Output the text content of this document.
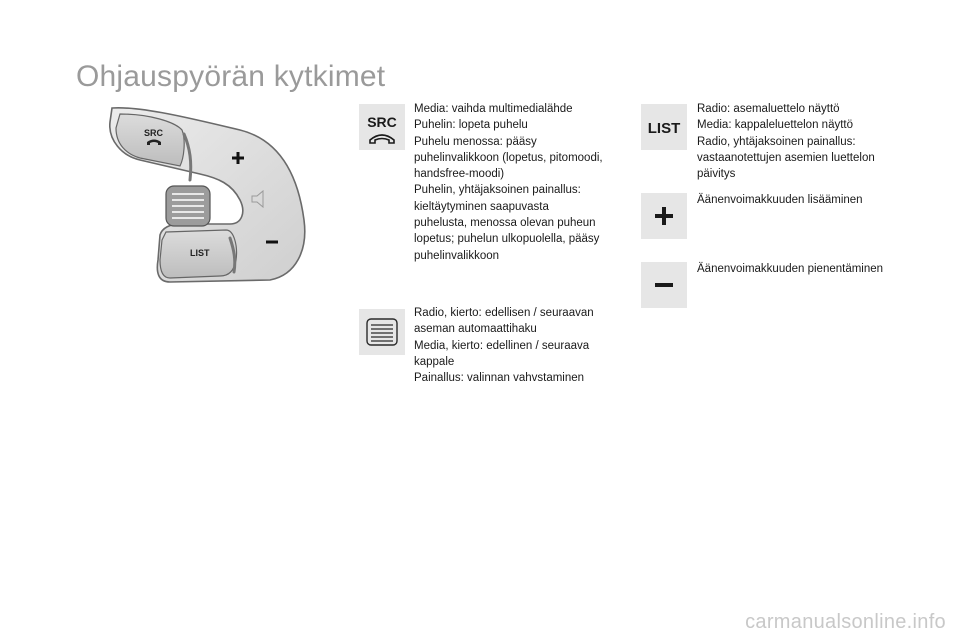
Ohjauspyörän kytkimet
SRC
LIST
SRC
Media: vaihda multimedialähde
Puhelin: lopeta puhelu
Puhelu menossa: pääsy
puhelinvalikkoon (lopetus, pitomoodi,
handsfree-moodi)
Puhelin, yhtäjaksoinen painallus:
kieltäytyminen saapuvasta
puhelusta, menossa olevan puheun
lopetus; puhelun ulkopuolella, pääsy
puhelinvalikkoon
Radio, kierto: edellisen / seuraavan
aseman automaattihaku
Media, kierto: edellinen / seuraava
kappale
Painallus: valinnan vahvstaminen
LIST
Radio: asemaluettelo näyttö
Media: kappaleluettelon näyttö
Radio, yhtäjaksoinen painallus:
vastaanotettujen asemien luettelon
päivitys
Äänenvoimakkuuden lisääminen
Äänenvoimakkuuden pienentäminen
carmanualsonline.info
